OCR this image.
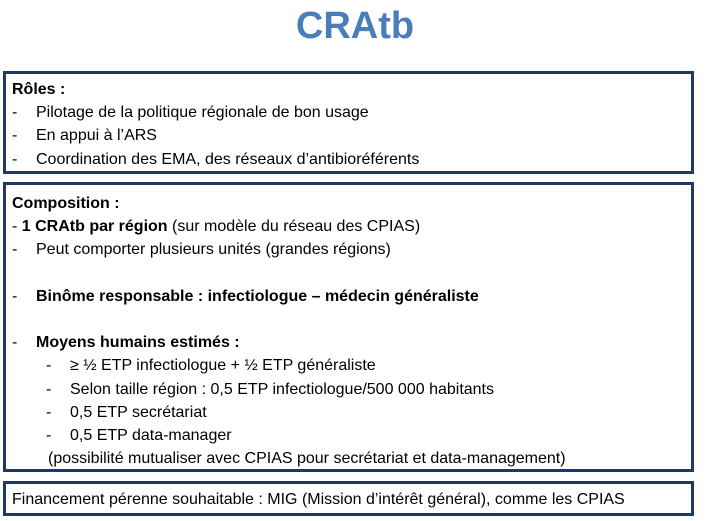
CRAtb
Rôles :
- Pilotage de la politique régionale de bon usage
- En appui à l’ARS
- Coordination des EMA, des réseaux d’antibioréférents
Composition :
- 1 CRAtb par région (sur modèle du réseau des CPIAS)
- Peut comporter plusieurs unités (grandes régions)
- Binôme responsable : infectiologue – médecin généraliste
- Moyens humains estimés :
- ≥ ½ ETP infectiologue + ½ ETP généraliste
- Selon taille région : 0,5 ETP infectiologue/500 000 habitants
- 0,5 ETP secrétariat
- 0,5 ETP data-manager
(possibilité mutualiser avec CPIAS pour secrétariat et data-management)
Financement pérenne souhaitable : MIG (Mission d’intérêt général), comme les CPIAS
